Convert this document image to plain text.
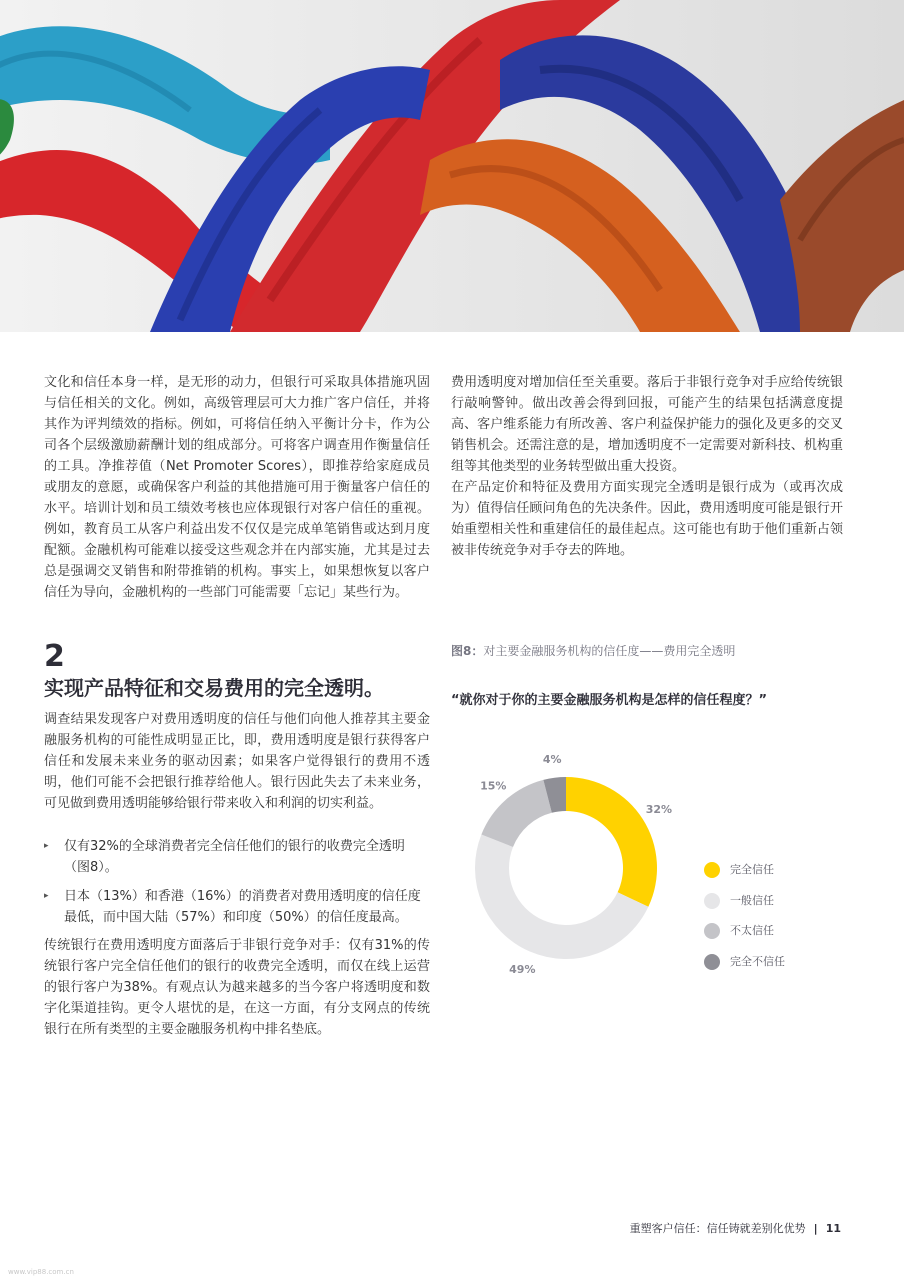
文化和信任本身一样，是无形的动力，但银行可采取具体措施巩固与信任相关的文化。例如，高级管理层可大力推广客户信任，并将其作为评判绩效的指标。例如，可将信任纳入平衡计分卡，作为公司各个层级激励薪酬计划的组成部分。可将客户调查用作衡量信任的工具。净推荐值（Net Promoter Scores），即推荐给家庭成员或朋友的意愿，或确保客户利益的其他措施可用于衡量客户信任的水平。培训计划和员工绩效考核也应体现银行对客户信任的重视。例如，教育员工从客户利益出发不仅仅是完成单笔销售或达到月度配额。金融机构可能难以接受这些观念并在内部实施，尤其是过去总是强调交叉销售和附带推销的机构。事实上，如果想恢复以客户信任为导向，金融机构的一些部门可能需要「忘记」某些行为。

费用透明度对增加信任至关重要。落后于非银行竞争对手应给传统银行敲响警钟。做出改善会得到回报，可能产生的结果包括满意度提高、客户维系能力有所改善、客户利益保护能力的强化及更多的交叉销售机会。还需注意的是，增加透明度不一定需要对新科技、机构重组等其他类型的业务转型做出重大投资。

在产品定价和特征及费用方面实现完全透明是银行成为（或再次成为）值得信任顾问角色的先决条件。因此，费用透明度可能是银行开始重塑相关性和重建信任的最佳起点。这可能也有助于他们重新占领被非传统竞争对手夺去的阵地。

2
实现产品特征和交易费用的完全透明。

调查结果发现客户对费用透明度的信任与他们向他人推荐其主要金融服务机构的可能性成明显正比，即，费用透明度是银行获得客户信任和发展未来业务的驱动因素；如果客户觉得银行的费用不透明，他们可能不会把银行推荐给他人。银行因此失去了未来业务，可见做到费用透明能够给银行带来收入和利润的切实利益。

▸ 仅有32%的全球消费者完全信任他们的银行的收费完全透明（图8）。
▸ 日本（13%）和香港（16%）的消费者对费用透明度的信任度最低，而中国大陆（57%）和印度（50%）的信任度最高。

传统银行在费用透明度方面落后于非银行竞争对手：仅有31%的传统银行客户完全信任他们的银行的收费完全透明，而仅在线上运营的银行客户为38%。有观点认为越来越多的当今客户将透明度和数字化渠道挂钩。更令人堪忧的是，在这一方面，有分支网点的传统银行在所有类型的主要金融服务机构中排名垫底。

图8：对主要金融服务机构的信任度——费用完全透明
“就你对于你的主要金融服务机构是怎样的信任程度？”
32%
49%
15%
4%
完全信任
一般信任
不太信任
完全不信任
重塑客户信任：信任铸就差别化优势 | 11
www.vip88.com.cn
